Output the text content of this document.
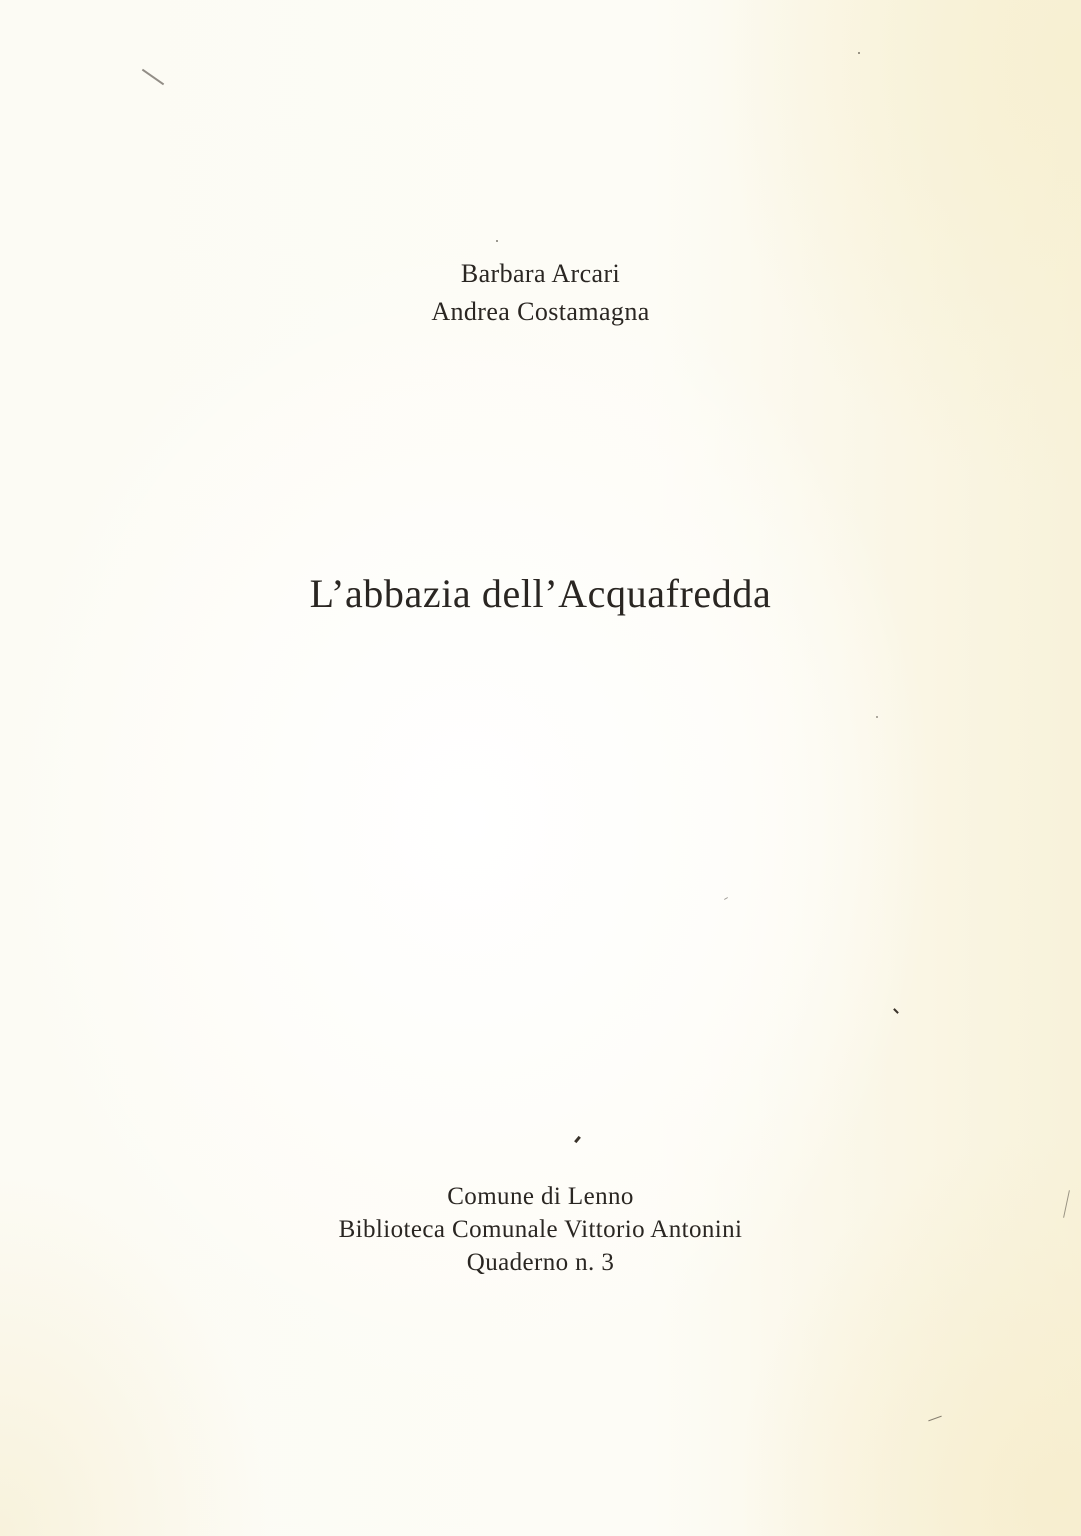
Barbara Arcari
Andrea Costamagna
L’abbazia dell’Acquafredda
Comune di Lenno
Biblioteca Comunale Vittorio Antonini
Quaderno n. 3
